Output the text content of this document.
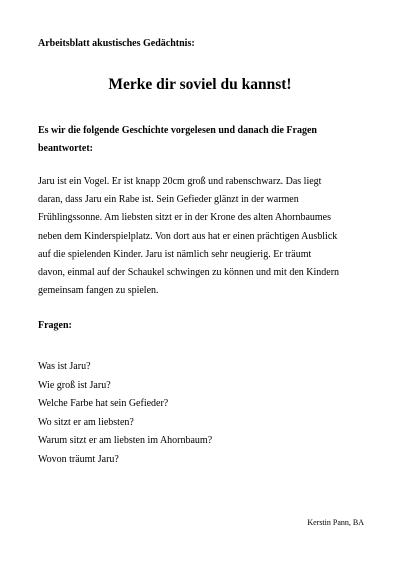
Arbeitsblatt akustisches Gedächtnis:
Merke dir soviel du kannst!
Es wir die folgende Geschichte vorgelesen und danach die Fragen
beantwortet:
Jaru ist ein Vogel. Er ist knapp 20cm groß und rabenschwarz. Das liegt
daran, dass Jaru ein Rabe ist. Sein Gefieder glänzt in der warmen
Frühlingssonne. Am liebsten sitzt er in der Krone des alten Ahornbaumes
neben dem Kinderspielplatz. Von dort aus hat er einen prächtigen Ausblick
auf die spielenden Kinder. Jaru ist nämlich sehr neugierig. Er träumt
davon, einmal auf der Schaukel schwingen zu können und mit den Kindern
gemeinsam fangen zu spielen.
Fragen:
Was ist Jaru?
Wie groß ist Jaru?
Welche Farbe hat sein Gefieder?
Wo sitzt er am liebsten?
Warum sitzt er am liebsten im Ahornbaum?
Wovon träumt Jaru?
Kerstin Pann, BA
